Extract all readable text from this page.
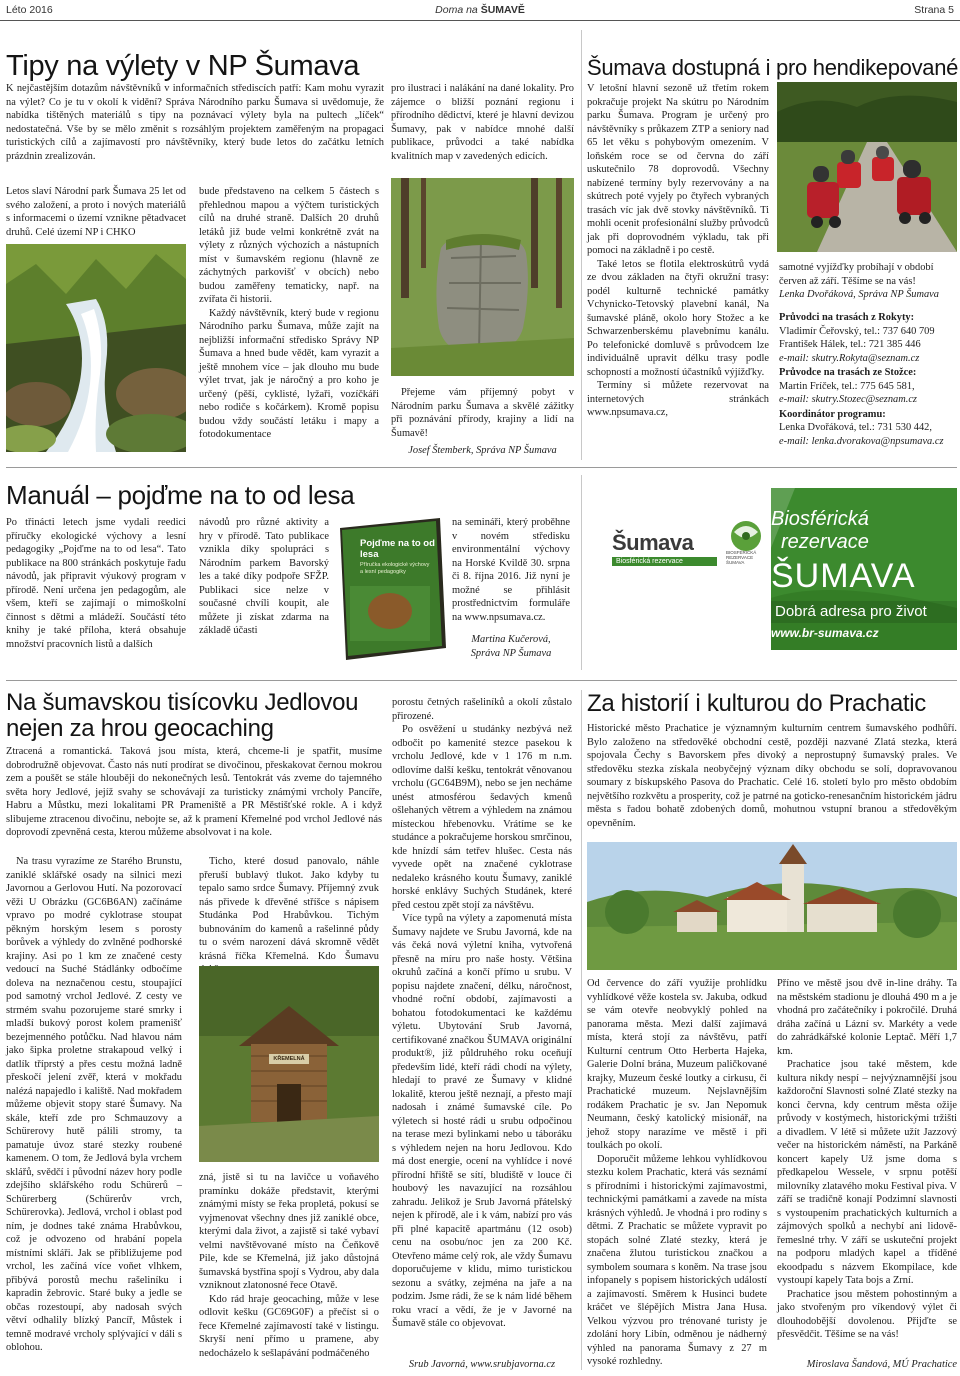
Léto 2016	Doma na ŠUMAVĚ	Strana 5
Tipy na výlety v NP Šumava
K nejčastějším dotazům návštěvníků v informačních střediscích patří: Kam mohu vyrazit na výlet? Co je tu v okolí k vidění? Správa Národního parku Šumava si uvědomuje, že nabídka tištěných materiálů s tipy na poznávací výlety byla na pultech „líček“ nedostatečná. Vše by se mělo změnit s rozsáhlým projektem zaměřeným na propagaci turistických cílů a zajímavostí pro návštěvníky, který bude letos do začátku letních prázdnin zrealizován.
Letos slaví Národní park Šumava 25 let od svého založení, a proto i nových materiálů s informacemi o území vznikne pětadvacet druhů. Celé území NP i CHKO

bude představeno na celkem 5 částech s přehlednou mapou a výčtem turistických cílů na druhé straně. Dalších 20 druhů letáků již bude velmi konkrétně zvát na výlety z různých výchozích a nástupních míst v šumavském regionu (hlavně ze záchytných parkovišť v obcích) nebo budou zaměřeny tematicky, např. na zvířata či historii.

Každý návštěvník, který bude v regionu Národního parku Šumava, může zajít na nejbližší informační středisko Správy NP Šumava a hned bude vědět, kam vyrazit a ještě mnohem více – jak dlouho mu bude výlet trvat, jak je náročný a pro koho je určený (pěší, cyklisté, lyžaři, vozíčkáři nebo rodiče s kočárkem). Kromě popisu budou vždy součástí letáku i mapy a fotodokumentace

pro ilustraci i nalákání na dané lokality. Pro zájemce o bližší poznání regionu i přírodního dědictví, které je hlavní devizou Šumavy, pak v nabídce mnohé další publikace, průvodci a také nabídka kvalitních map v zavedených edicích.
Přejeme vám příjemný pobyt v Národním parku Šumava a skvělé zážitky při poznávání přírody, krajiny a lidí na Šumavě!
Josef Štemberk, Správa NP Šumava
Šumava dostupná i pro hendikepované

V letošní hlavní sezoně už třetím rokem pokračuje projekt Na skútru po Národním parku Šumava. Program je určený pro návštěvníky s průkazem ZTP a seniory nad 65 let věku s pohybovým omezením. V loňském roce se od června do září uskutečnilo 78 doprovodů. Všechny nabízené termíny byly rezervovány a na skútrech poté vyjely po čtyřech vybraných trasách víc jak dvě stovky návštěvníků. Ti mohli ocenit profesionální služby průvodců jak při doprovodném výkladu, tak při pomoci na základně i po cestě.

Také letos se flotila elektroskútrů vydá ze dvou základen na čtyři okružní trasy: podél kulturně technické památky Vchynicko-Tetovský plavební kanál, Na šumavské pláně, okolo hory Stožec a ke Schwarzenberskému plavebnímu kanálu. Po telefonické domluvě s průvodcem lze individuálně upravit délku trasy podle schopností a možností účastníků výjížďky.

Termíny si můžete rezervovat na internetových stránkách www.npsumava.cz,

samotné vyjížďky probíhají v období červen až září. Těšíme se na vás!
Lenka Dvořáková, Správa NP Šumava
Průvodci na trasách z Rokyty:
Vladimír Čeřovský, tel.: 737 640 709
František Hálek, tel.: 721 385 446
e-mail: skutry.Rokyta@seznam.cz
Průvodce na trasách ze Stožce:
Martin Fríček, tel.: 775 645 581,
e-mail: skutry.Stozec@seznam.cz
Koordinátor programu:
Lenka Dvořáková, tel.: 731 530 442,
e-mail: lenka.dvorakova@npsumava.cz
Manuál – pojďme na to od lesa
Po třinácti letech jsme vydali reedici příručky ekologické výchovy a lesní pedagogiky „Pojďme na to od lesa“. Tato publikace na 800 stránkách poskytuje řadu návodů, jak připravit výukový program v přírodě. Není určena jen pedagogům, ale všem, kteří se zajímají o mimoškolní činnost s dětmi a mládeží. Součástí této knihy je také příloha, která obsahuje množství pracovních listů a dalších
návodů pro různé aktivity a hry v přírodě. Tato publikace vznikla díky spolupráci s Národním parkem Bavorský les a také díky podpoře SFŽP. Publikaci sice nelze v současné chvíli koupit, ale můžete ji získat zdarma na základě účasti
Pojďme na to od lesa
Příručka ekologické výchovy a lesní pedagogiky
na semináři, který proběhne v novém středisku environmentální výchovy na Horské Kvildě 30. srpna či 8. října 2016. Již nyní je možné se přihlásit prostřednictvím formuláře na www.npsumava.cz.
Martina Kučerová,
Správa NP Šumava
Šumava
Biosférická rezervace
BIOSFÉRICKÁ REZERVACE ŠUMAVA
Biosférická
rezervace
ŠUMAVA
Dobrá adresa pro život
www.br-sumava.cz
Na šumavskou tisícovku Jedlovou
nejen za hrou geocaching
Ztracená a romantická. Taková jsou místa, která, chceme-li je spatřit, musíme dobrodružně objevovat. Často nás nutí prodírat se divočinou, přeskakovat černou mokrou zem a poušět se stále hlouběji do nekonečných lesů. Tentokrát vás zveme do tajemného světa hory Jedlové, jejíž svahy se schovávají za turisticky známými vrcholy Pancíře, Habru a Můstku, mezi lokalitami PR Prameniště a PR Městišťské rokle. A i když slibujeme ztracenou divočinu, nebojte se, až k pramení Křemelné pod vrchol Jedlové nás doprovodí zpevněná cesta, kterou můžeme absolvovat i na kole.
Na trasu vyrazíme ze Starého Brunstu, zaniklé sklářské osady na silnici mezi Javornou a Gerlovou Hutí. Na pozorovací věži U Obrázku (GC6B6AN) začínáme vpravo po modré cyklotrase stoupat pěkným horským lesem s porosty borůvek a výhledy do zvlněné podhorské krajiny. Asi po 1 km ze značené cesty vedoucí na Suché Stádlánky odbočíme doleva na neznačenou cestu, stoupající pod samotný vrchol Jedlové. Z cesty ve strmém svahu pozorujeme staré smrky i mladší bukový porost kolem pramenišť bezejmenného potůčku. Nad hlavou nám jako šipka proletne strakapoud velký i datlík tříprstý a přes cestu možná ladně přeskočí jelení zvěř, která v mokřadu nalézá napajedlo i kaliště. Nad mokřadem můžeme objevit stopy staré Šumavy. Na skále, kteří zde pro Schmauzovy a Schürerovy hutě pálili stromy, ta pamatuje úvoz staré stezky roubené kamenem. O tom, že Jedlová byla vrchem sklářů, svědčí i původní název hory podle zdejšího sklářského rodu Schürerů – Schürerberg (Schürerův vrch, Schürerovka). Jedlová, vrchol i oblast pod ním, je dodnes také známa Hrabůvkou, což je odvozeno od hrabání popela místními skláři. Jak se přibližujeme pod vrchol, les začíná více voňet vlhkem, přibývá porostů mechu rašeliníku i kapradin žebrovic. Staré buky a jedle se občas rozestoupí, aby nadosah svých větví odhalily blízký Pancíř, Můstek i temně modravé vrcholy splývající v dáli s oblohou.
Ticho, které dosud panovalo, náhle přeruší bublavý tlukot. Jako kdyby tu tepalo samo srdce Šumavy. Příjemný zvuk nás přivede k dřevěné stříšce s nápisem Studánka Pod Hrabůvkou. Tichým bubnováním do kamenů a rašelinné půdy tu o svém narození dává skromně vědět krásná říčka Křemelná. Kdo Šumavu
KŘEMELNÁ

zná, jistě si tu na lavičce u voňavého pramínku dokáže představit, kterými známými místy se řeka propletá, pokusí se vyjmenovat všechny dnes již zaniklé obce, kterými dala život, a zajistě si také vybaví velmi navštěvované místo na Čeňkově Pile, kde se Křemelná, již jako důstojná šumavská bystřina spojí s Vydrou, aby dala vzniknout zlatonosné řece Otavě.

Kdo rád hraje geocaching, může v lese odlovit kešku (GC69G0F) a přečíst si o řece Křemelné zajímavostí také v listingu. Skryší není přímo u pramene, aby nedocházelo k sešlapávání podmáčeného

porostu četných rašeliníků a okolí zůstalo přirozené.

Po osvěžení u studánky nezbývá než odbočit po kamenité stezce pasekou k vrcholu Jedlové, kde v 1 176 m n.m. odlovíme další kešku, tentokrát věnovanou vrcholu (GC64B9M), nebo se jen necháme unést atmosférou šedavých kmenů ošlehaných větrem a výhledem na známou místeckou hřebenovku. Vrátíme se ke studánce a pokračujeme horskou smrčinou, kde hnízdí sám tetřev hlušec. Cesta nás vyvede opět na značené cyklotrase nedaleko krásného koutu Šumavy, zaniklé horské enklávy Suchých Studánek, které před cestou zpět stojí za návštěvu.

Více typů na výlety a zapomenutá místa Šumavy najdete ve Srubu Javorná, kde na vás čeká nová výletní kniha, vytvořená přesně na míru pro naše hosty. Většina okruhů začíná a končí přímo u srubu. V popisu najdete značení, délku, náročnost, vhodné roční období, zajímavosti a bohatou fotodokumentaci ke každému výletu. Ubytování Srub Javorná, certifikované značkou ŠUMAVA originální produkt®, již půldruhého roku oceňují především lidé, kteří rádi chodí na výlety, hledají to pravé ze Šumavy v klidné lokalitě, kterou ještě neznají, a přesto mají nadosah i známé šumavské cíle. Po výletech si hosté rádi u srubu odpočinou na terase mezi bylinkami nebo u táboráku s výhledem nejen na horu Jedlovou. Kdo má dost energie, ocení na vyhlídce i nové přírodní hřiště se sítí, bludiště v louce či houbový les navazující na rozsáhlou zahradu. Jelikož je Srub Javorná přátelský nejen k přírodě, ale i k vám, nabízí pro vás při plné kapacitě apartmánu (12 osob) cenu na osobu/noc jen za 200 Kč. Otevřeno máme celý rok, ale vždy Šumavu doporučujeme v klidu, mimo turistickou sezonu a svátky, zejména na jaře a na podzim. Jsme rádi, že se k nám lidé během roku vrací a vědí, že je v Javorné na Šumavě stále co objevovat.

Srub Javorná, www.srubjavorna.cz
Za historií i kulturou do Prachatic
Historické město Prachatice je významným kulturním centrem šumavského podhůří. Bylo založeno na středověké obchodní cestě, později nazvané Zlatá stezka, která spojovala Čechy s Bavorskem přes divoký a neprostupný šumavský prales. Ve středověku stezka získala neobyčejný význam díky obchodu se solí, dopravovanou soumary z bískupského Pasova do Prachatic. Celé 16. století bylo pro město obdobím největšího rozkvětu a prosperity, což je patrné na goticko-renesančním historickém jádru města s řadou bohatě zdobených domů, mohutnou vstupní branou a středověkým opevněním.

Od července do září využije prohlídku vyhlídkové věže kostela sv. Jakuba, odkud se vám otevře neobvyklý pohled na panorama města. Mezi další zajímavá místa, která stojí za návštěvu, patří Kulturní centrum Otto Herberta Hajeka, Galerie Dolní brána, Muzeum paličkované krajky, Muzeum české loutky a cirkusu, či Prachatické muzeum. Nejslavnějším rodákem Prachatic je sv. Jan Nepomuk Neumann, český katolický misionář, na jehož stopy narazíme ve městě i při toulkách po okolí.

Doporučit můžeme lehkou vyhlídkovou stezku kolem Prachatic, která vás seznámí s přírodními i historickými zajímavostmi, technickými památkami a zavede na místa krásných výhledů. Je vhodná i pro rodiny s dětmi. Z Prachatic se můžete vypravit po stopách solné Zlaté stezky, která je značena žlutou turistickou značkou a symbolem soumara s koněm. Na trase jsou infopanely s popisem historických událostí a zajímavostí. Směrem k Husinci budete kráčet ve šlépějích Mistra Jana Husa. Velkou výzvou pro trénované turisty je zdolání hory Libín, odměnou je nádherný výhled na panorama Šumavy z 27 m vysoké rozhledny.

Příno ve městě jsou dvě in-line dráhy. Ta na městském stadionu je dlouhá 490 m a je vhodná pro začátečníky i pokročilé. Druhá dráha začíná u Lázní sv. Markéty a vede do zahrádkářské kolonie Leptač. Měří 1,7 km.

Prachatice jsou také městem, kde kultura nikdy nespí – nejvýznamnější jsou každoroční Slavnosti solné Zlaté stezky na konci června, kdy centrum města ožije průvody v kostýmech, historickými tržišti a divadlem. V létě si můžete užít Jazzový večer na historickém náměstí, na Parkáně koncert kapely Už jsme doma s předkapelou Wessele, v srpnu potěší milovníky zlatavého moku Festival piva. V září se tradičně konají Podzimní slavnosti s vystoupením prachatických kulturních a zájmových spolků a nechybí ani lidově-řemeslné trhy. V září se uskuteční projekt na podporu mladých kapel a tříděné ekoodpadu s názvem Ekompilace, kde vystoupí kapely Tata bojs a Zrní.

Prachatice jsou městem pohostinným a jako stvořeným pro víkendový výlet či dlouhodobější dovolenou. Přijďte se přesvědčit. Těšíme se na vás!

Miroslava Šandová, MÚ Prachatice
